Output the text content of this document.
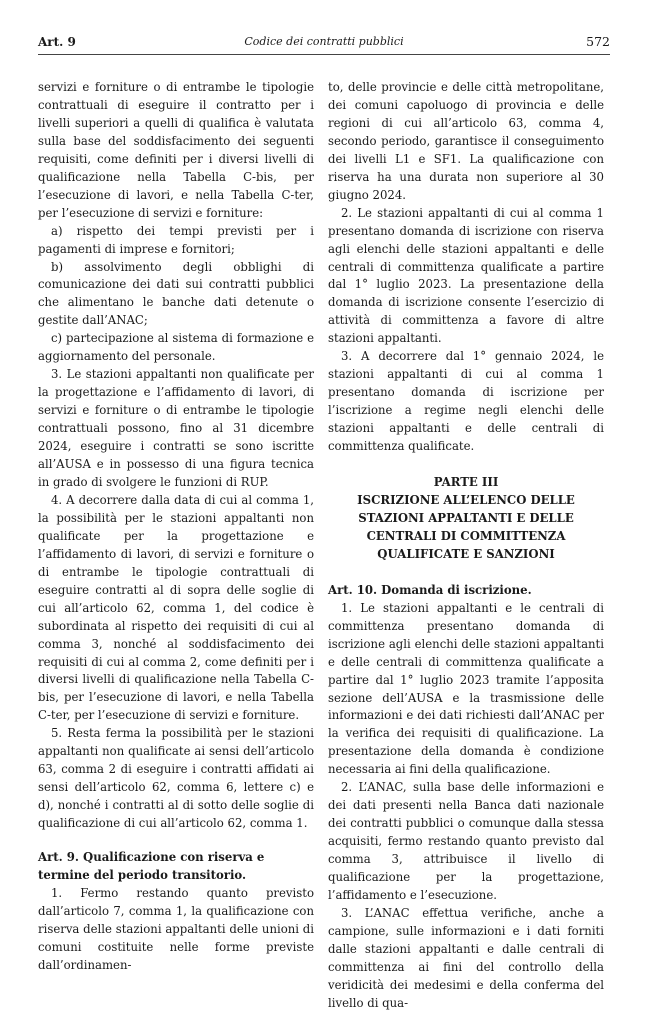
Art. 9	Codice dei contratti pubblici	572

servizi e forniture o di entrambe le tipologie contrattuali di eseguire il contratto per i livelli superiori a quelli di qualifica è valutata sulla base del soddisfacimento dei seguenti requisiti, come definiti per i diversi livelli di qualificazione nella Tabella C-bis, per l’esecuzione di lavori, e nella Tabella C-ter, per l’esecuzione di servizi e forniture:

a) rispetto dei tempi previsti per i pagamenti di imprese e fornitori;

b) assolvimento degli obblighi di comunicazione dei dati sui contratti pubblici che alimentano le banche dati detenute o gestite dall’ANAC;

c) partecipazione al sistema di formazione e aggiornamento del personale.

3. Le stazioni appaltanti non qualificate per la progettazione e l’affidamento di lavori, di servizi e forniture o di entrambe le tipologie contrattuali possono, fino al 31 dicembre 2024, eseguire i contratti se sono iscritte all’AUSA e in possesso di una figura tecnica in grado di svolgere le funzioni di RUP.

4. A decorrere dalla data di cui al comma 1, la possibilità per le stazioni appaltanti non qualificate per la progettazione e l’affidamento di lavori, di servizi e forniture o di entrambe le tipologie contrattuali di eseguire contratti al di sopra delle soglie di cui all’articolo 62, comma 1, del codice è subordinata al rispetto dei requisiti di cui al comma 3, nonché al soddisfacimento dei requisiti di cui al comma 2, come definiti per i diversi livelli di qualificazione nella Tabella C-bis, per l’esecuzione di lavori, e nella Tabella C-ter, per l’esecuzione di servizi e forniture.

5. Resta ferma la possibilità per le stazioni appaltanti non qualificate ai sensi dell’articolo 63, comma 2 di eseguire i contratti affidati ai sensi dell’articolo 62, comma 6, lettere c) e d), nonché i contratti al di sotto delle soglie di qualificazione di cui all’articolo 62, comma 1.

Art. 9. Qualificazione con riserva e termine del periodo transitorio.

1. Fermo restando quanto previsto dall’articolo 7, comma 1, la qualificazione con riserva delle stazioni appaltanti delle unioni di comuni costituite nelle forme previste dall’ordinamen-

to, delle provincie e delle città metropolitane, dei comuni capoluogo di provincia e delle regioni di cui all’articolo 63, comma 4, secondo periodo, garantisce il conseguimento dei livelli L1 e SF1. La qualificazione con riserva ha una durata non superiore al 30 giugno 2024.

2. Le stazioni appaltanti di cui al comma 1 presentano domanda di iscrizione con riserva agli elenchi delle stazioni appaltanti e delle centrali di committenza qualificate a partire dal 1° luglio 2023. La presentazione della domanda di iscrizione consente l’esercizio di attività di committenza a favore di altre stazioni appaltanti.

3. A decorrere dal 1° gennaio 2024, le stazioni appaltanti di cui al comma 1 presentano domanda di iscrizione per l’iscrizione a regime negli elenchi delle stazioni appaltanti e delle centrali di committenza qualificate.

PARTE III
ISCRIZIONE ALL’ELENCO DELLE STAZIONI APPALTANTI E DELLE CENTRALI DI COMMITTENZA QUALIFICATE E SANZIONI
Art. 10. Domanda di iscrizione.

1. Le stazioni appaltanti e le centrali di committenza presentano domanda di iscrizione agli elenchi delle stazioni appaltanti e delle centrali di committenza qualificate a partire dal 1° luglio 2023 tramite l’apposita sezione dell’AUSA e la trasmissione delle informazioni e dei dati richiesti dall’ANAC per la verifica dei requisiti di qualificazione. La presentazione della domanda è condizione necessaria ai fini della qualificazione.

2. L’ANAC, sulla base delle informazioni e dei dati presenti nella Banca dati nazionale dei contratti pubblici o comunque dalla stessa acquisiti, fermo restando quanto previsto dal comma 3, attribuisce il livello di qualificazione per la progettazione, l’affidamento e l’esecuzione.

3. L’ANAC effettua verifiche, anche a campione, sulle informazioni e i dati forniti dalle stazioni appaltanti e dalle centrali di committenza ai fini del controllo della veridicità dei medesimi e della conferma del livello di qua-
